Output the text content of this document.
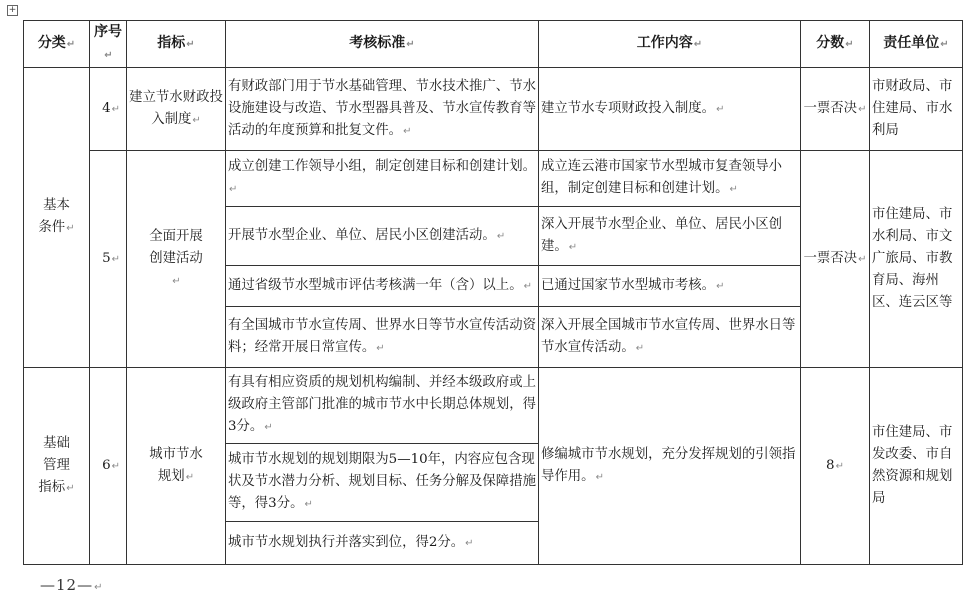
+
分类 ↵	序号 ↵	指标 ↵	考核标准 ↵	工作内容 ↵	分数 ↵	责任单位 ↵
基本条件 ↵	4 ↵	建立节水财政投入制度 ↵	有财政部门用于节水基础管理、节水技术推广、节水设施建设与改造、节水型器具普及、节水宣传教育等活动的年度预算和批复文件。 ↵	建立节水专项财政投入制度。 ↵	一票否决 ↵	市财政局、市住建局、市水利局
	5 ↵	全面开展创建活动 ↵	成立创建工作领导小组，制定创建目标和创建计划。 ↵	成立连云港市国家节水型城市复查领导小组，制定创建目标和创建计划。 ↵	一票否决 ↵	市住建局、市水利局、市文广旅局、市教育局、海州区、连云区等
			开展节水型企业、单位、居民小区创建活动。 ↵	深入开展节水型企业、单位、居民小区创建。 ↵
			通过省级节水型城市评估考核满一年（含）以上。 ↵	已通过国家节水型城市考核。 ↵
			有全国城市节水宣传周、世界水日等节水宣传活动资料；经常开展日常宣传。 ↵	深入开展全国城市节水宣传周、世界水日等节水宣传活动。 ↵
基础管理指标 ↵	6 ↵	城市节水规划 ↵	有具有相应资质的规划机构编制、并经本级政府或上级政府主管部门批准的城市节水中长期总体规划，得3分。 ↵	修编城市节水规划，充分发挥规划的引领指导作用。 ↵	8 ↵	市住建局、市发改委、市自然资源和规划局
			城市节水规划的规划期限为5—10年，内容应包含现状及节水潜力分析、规划目标、任务分解及保障措施等，得3分。 ↵
			城市节水规划执行并落实到位，得2分。 ↵
—12— ↵
